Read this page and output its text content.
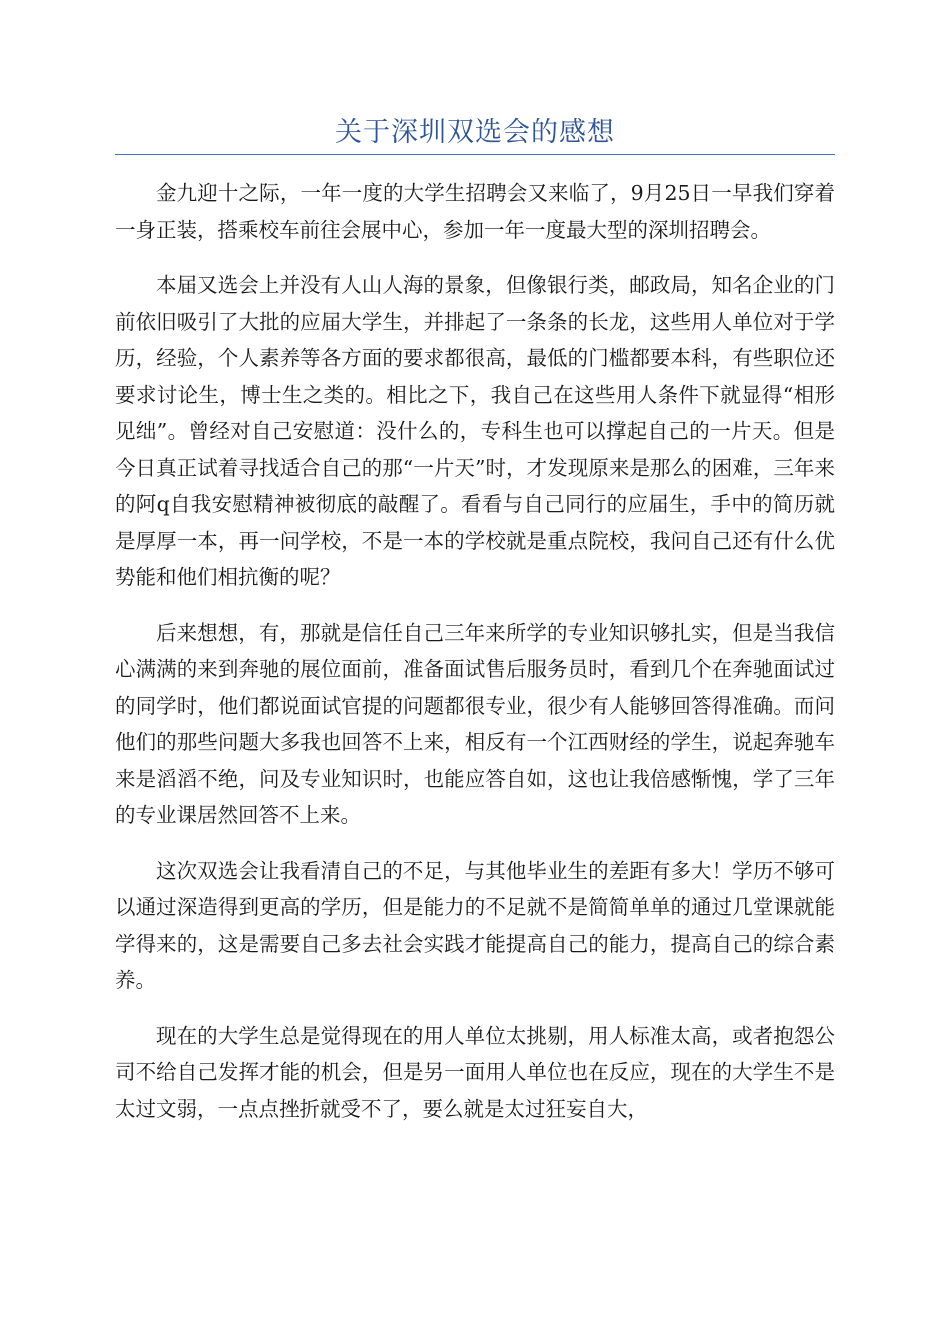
关于深圳双选会的感想

金九迎十之际，一年一度的大学生招聘会又来临了，9月25日一早我们穿着一身正装，搭乘校车前往会展中心，参加一年一度最大型的深圳招聘会。

本届又选会上并没有人山人海的景象，但像银行类，邮政局，知名企业的门前依旧吸引了大批的应届大学生，并排起了一条条的长龙，这些用人单位对于学历，经验，个人素养等各方面的要求都很高，最低的门槛都要本科，有些职位还要求讨论生，博士生之类的。相比之下，我自己在这些用人条件下就显得“相形见绌”。曾经对自己安慰道：没什么的，专科生也可以撑起自己的一片天。但是今日真正试着寻找适合自己的那“一片天”时，才发现原来是那么的困难，三年来的阿q自我安慰精神被彻底的敲醒了。看看与自己同行的应届生，手中的简历就是厚厚一本，再一问学校，不是一本的学校就是重点院校，我问自己还有什么优势能和他们相抗衡的呢？

后来想想，有，那就是信任自己三年来所学的专业知识够扎实，但是当我信心满满的来到奔驰的展位面前，准备面试售后服务员时，看到几个在奔驰面试过的同学时，他们都说面试官提的问题都很专业，很少有人能够回答得准确。而问他们的那些问题大多我也回答不上来，相反有一个江西财经的学生，说起奔驰车来是滔滔不绝，问及专业知识时，也能应答自如，这也让我倍感惭愧，学了三年的专业课居然回答不上来。

这次双选会让我看清自己的不足，与其他毕业生的差距有多大！学历不够可以通过深造得到更高的学历，但是能力的不足就不是简简单单的通过几堂课就能学得来的，这是需要自己多去社会实践才能提高自己的能力，提高自己的综合素养。

现在的大学生总是觉得现在的用人单位太挑剔，用人标准太高，或者抱怨公司不给自己发挥才能的机会，但是另一面用人单位也在反应，现在的大学生不是太过文弱，一点点挫折就受不了，要么就是太过狂妄自大，
